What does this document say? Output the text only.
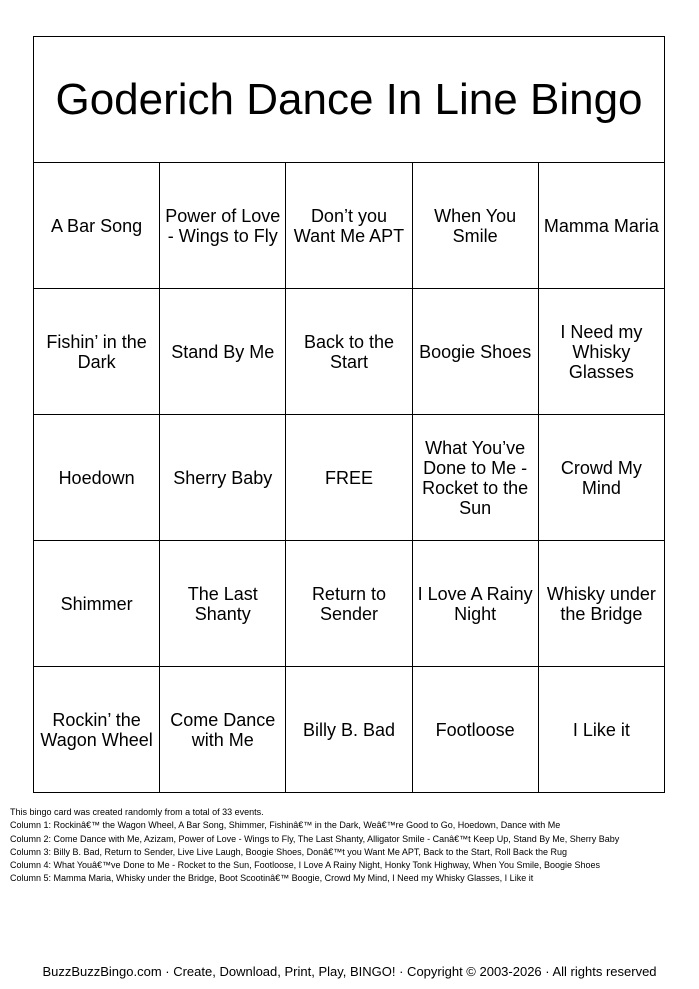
Goderich Dance In Line Bingo				
A Bar Song	Power of Love - Wings to Fly	Don’t you Want Me APT	When You Smile	Mamma Maria
Fishin’ in the Dark	Stand By Me	Back to the Start	Boogie Shoes	I Need my Whisky Glasses
Hoedown	Sherry Baby	FREE	What You’ve Done to Me - Rocket to the Sun	Crowd My Mind
Shimmer	The Last Shanty	Return to Sender	I Love A Rainy Night	Whisky under the Bridge
Rockin’ the Wagon Wheel	Come Dance with Me	Billy B. Bad	Footloose	I Like it
This bingo card was created randomly from a total of 33 events.
Column 1: Rockinâ€™ the Wagon Wheel, A Bar Song, Shimmer, Fishinâ€™ in the Dark, Weâ€™re Good to Go, Hoedown, Dance with Me
Column 2: Come Dance with Me, Azizam, Power of Love - Wings to Fly, The Last Shanty, Alligator Smile - Canâ€™t Keep Up, Stand By Me, Sherry Baby
Column 3: Billy B. Bad, Return to Sender, Live Live Laugh, Boogie Shoes, Donâ€™t you Want Me APT, Back to the Start, Roll Back the Rug
Column 4: What Youâ€™ve Done to Me - Rocket to the Sun, Footloose, I Love A Rainy Night, Honky Tonk Highway, When You Smile, Boogie Shoes
Column 5: Mamma Maria, Whisky under the Bridge, Boot Scootinâ€™ Boogie, Crowd My Mind, I Need my Whisky Glasses, I Like it
BuzzBuzzBingo.com · Create, Download, Print, Play, BINGO! · Copyright © 2003-2026 · All rights reserved
